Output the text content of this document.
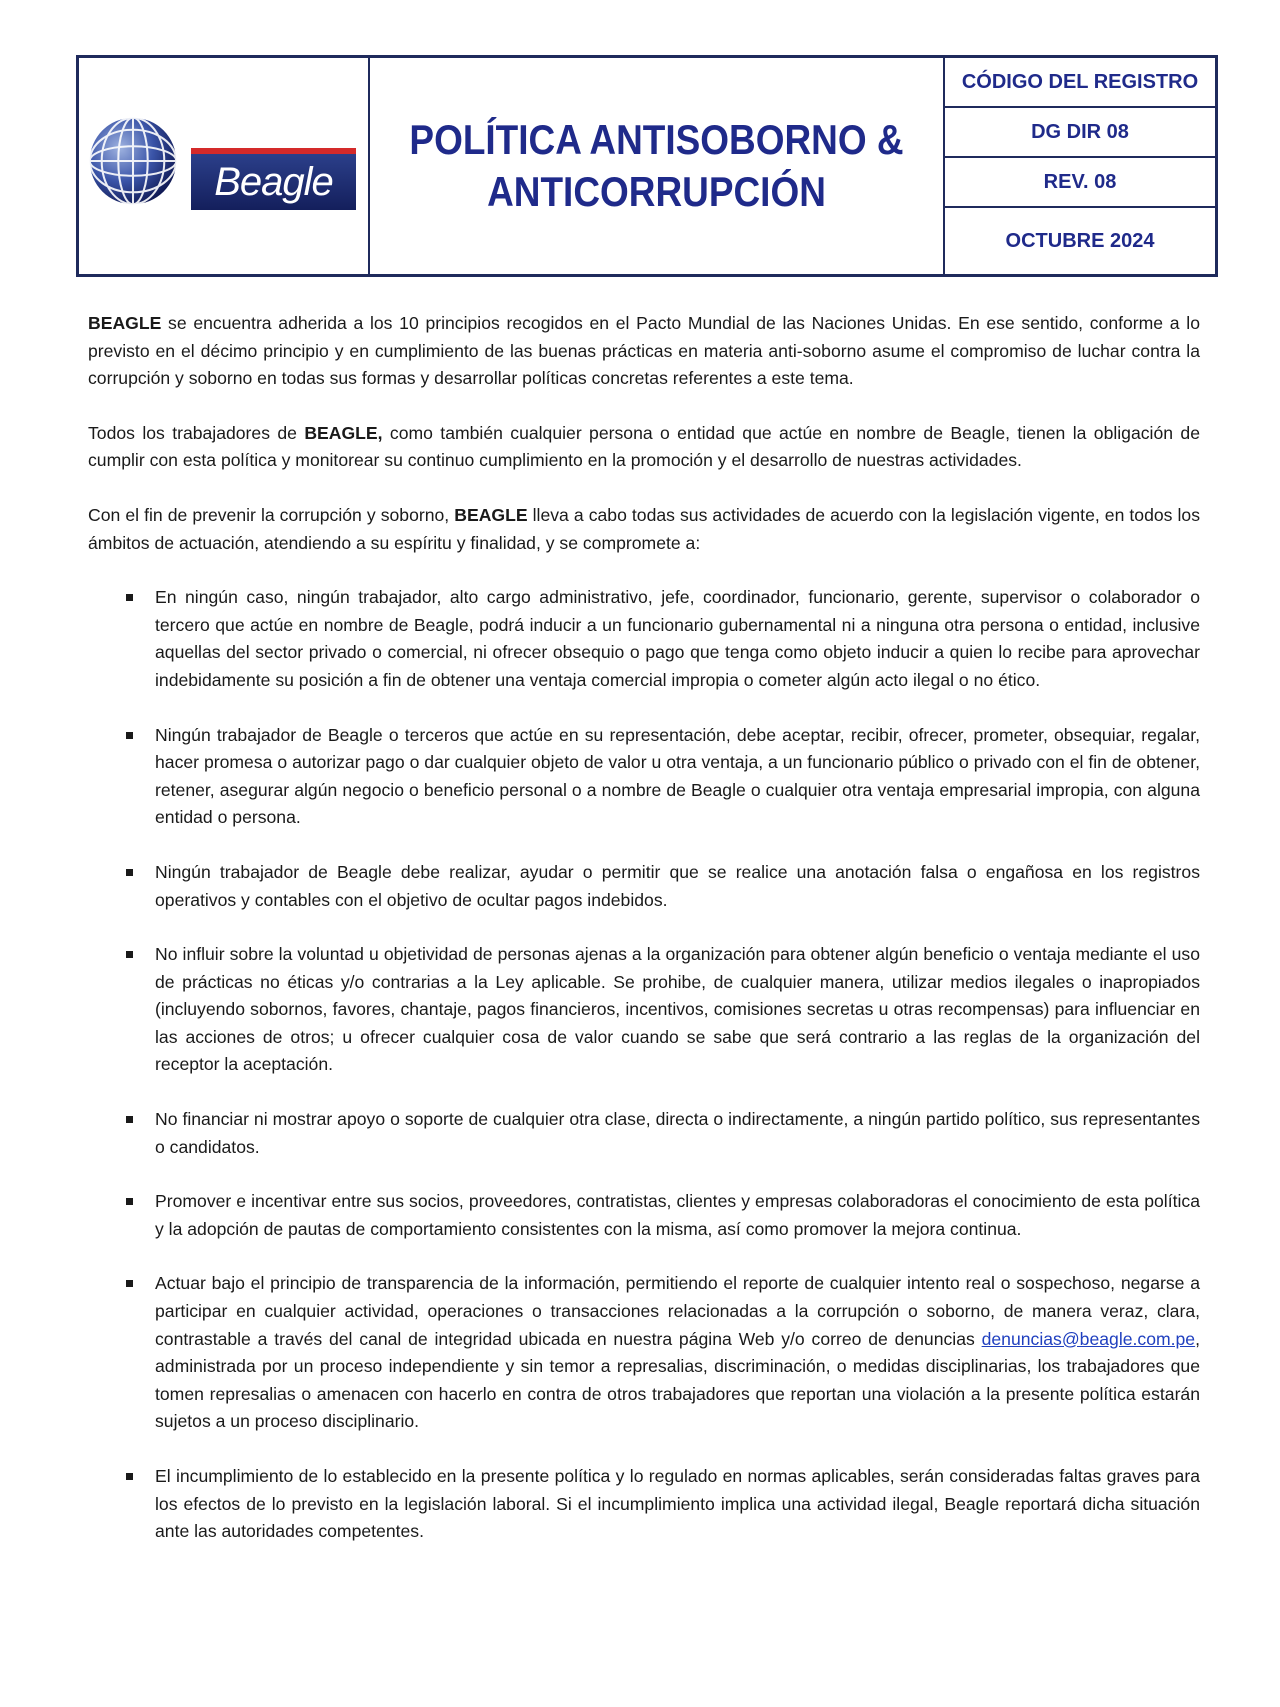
Beagle
POLÍTICA ANTISOBORNO & ANTICORRUPCIÓN
CÓDIGO DEL REGISTRO
DG DIR 08
REV. 08
OCTUBRE 2024

BEAGLE se encuentra adherida a los 10 principios recogidos en el Pacto Mundial de las Naciones Unidas. En ese sentido, conforme a lo previsto en el décimo principio y en cumplimiento de las buenas prácticas en materia anti-soborno asume el compromiso de luchar contra la corrupción y soborno en todas sus formas y desarrollar políticas concretas referentes a este tema.

Todos los trabajadores de BEAGLE, como también cualquier persona o entidad que actúe en nombre de Beagle, tienen la obligación de cumplir con esta política y monitorear su continuo cumplimiento en la promoción y el desarrollo de nuestras actividades.

Con el fin de prevenir la corrupción y soborno, BEAGLE lleva a cabo todas sus actividades de acuerdo con la legislación vigente, en todos los ámbitos de actuación, atendiendo a su espíritu y finalidad, y se compromete a:

En ningún caso, ningún trabajador, alto cargo administrativo, jefe, coordinador, funcionario, gerente, supervisor o colaborador o tercero que actúe en nombre de Beagle, podrá inducir a un funcionario gubernamental ni a ninguna otra persona o entidad, inclusive aquellas del sector privado o comercial, ni ofrecer obsequio o pago que tenga como objeto inducir a quien lo recibe para aprovechar indebidamente su posición a fin de obtener una ventaja comercial impropia o cometer algún acto ilegal o no ético.
Ningún trabajador de Beagle o terceros que actúe en su representación, debe aceptar, recibir, ofrecer, prometer, obsequiar, regalar, hacer promesa o autorizar pago o dar cualquier objeto de valor u otra ventaja, a un funcionario público o privado con el fin de obtener, retener, asegurar algún negocio o beneficio personal o a nombre de Beagle o cualquier otra ventaja empresarial impropia, con alguna entidad o persona.
Ningún trabajador de Beagle debe realizar, ayudar o permitir que se realice una anotación falsa o engañosa en los registros operativos y contables con el objetivo de ocultar pagos indebidos.
No influir sobre la voluntad u objetividad de personas ajenas a la organización para obtener algún beneficio o ventaja mediante el uso de prácticas no éticas y/o contrarias a la Ley aplicable. Se prohibe, de cualquier manera, utilizar medios ilegales o inapropiados (incluyendo sobornos, favores, chantaje, pagos financieros, incentivos, comisiones secretas u otras recompensas) para influenciar en las acciones de otros; u ofrecer cualquier cosa de valor cuando se sabe que será contrario a las reglas de la organización del receptor la aceptación.
No financiar ni mostrar apoyo o soporte de cualquier otra clase, directa o indirectamente, a ningún partido político, sus representantes o candidatos.
Promover e incentivar entre sus socios, proveedores, contratistas, clientes y empresas colaboradoras el conocimiento de esta política y la adopción de pautas de comportamiento consistentes con la misma, así como promover la mejora continua.
Actuar bajo el principio de transparencia de la información, permitiendo el reporte de cualquier intento real o sospechoso, negarse a participar en cualquier actividad, operaciones o transacciones relacionadas a la corrupción o soborno, de manera veraz, clara, contrastable a través del canal de integridad ubicada en nuestra página Web y/o correo de denuncias denuncias@beagle.com.pe, administrada por un proceso independiente y sin temor a represalias, discriminación, o medidas disciplinarias, los trabajadores que tomen represalias o amenacen con hacerlo en contra de otros trabajadores que reportan una violación a la presente política estarán sujetos a un proceso disciplinario.
El incumplimiento de lo establecido en la presente política y lo regulado en normas aplicables, serán consideradas faltas graves para los efectos de lo previsto en la legislación laboral. Si el incumplimiento implica una actividad ilegal, Beagle reportará dicha situación ante las autoridades competentes.
